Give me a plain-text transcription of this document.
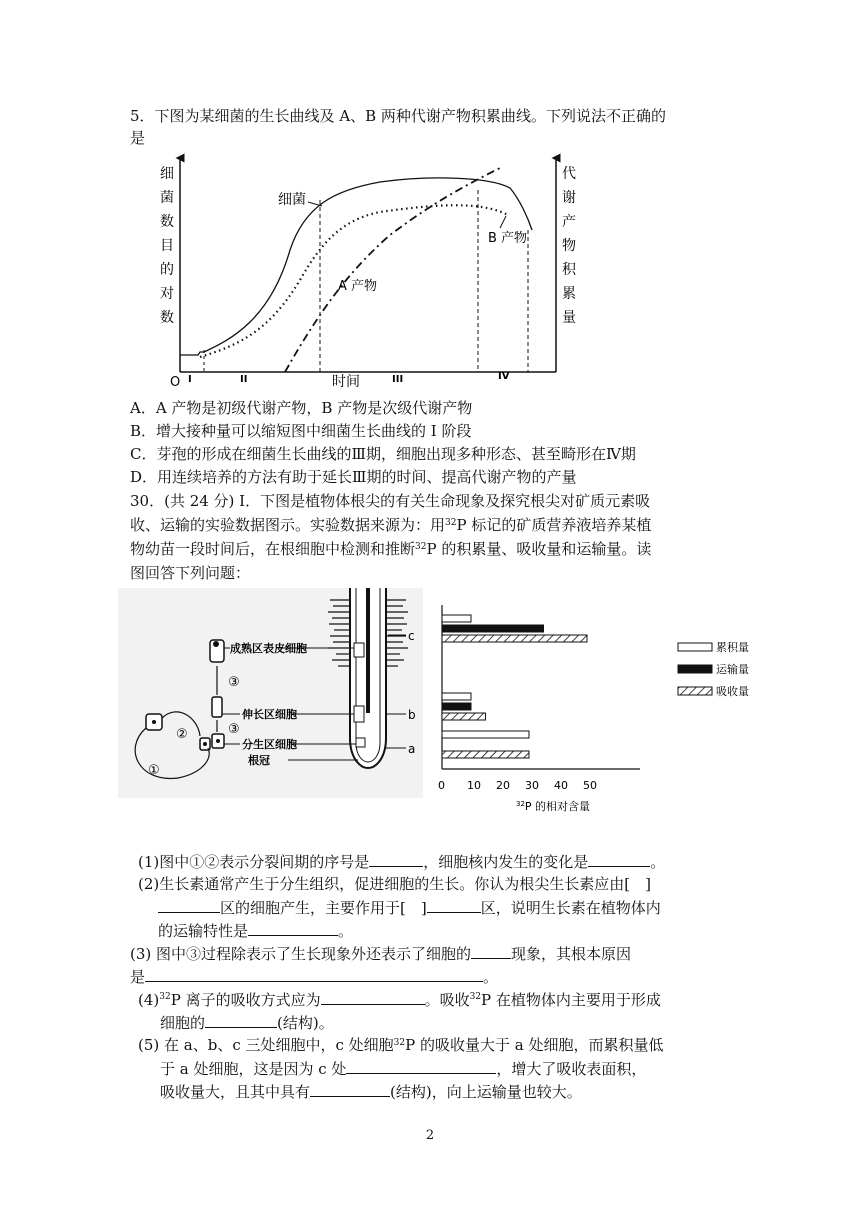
5．下图为某细菌的生长曲线及 A、B 两种代谢产物积累曲线。下列说法不正确的
是
细
菌
数
目
的
对
数
代
谢
产
物
积
累
量
细菌
A 产物
B 产物
O	时间
I	II	III	IV
A．A 产物是初级代谢产物，B 产物是次级代谢产物
B．增大接种量可以缩短图中细菌生长曲线的 I 阶段
C．芽孢的形成在细菌生长曲线的Ⅲ期，细胞出现多种形态、甚至畸形在Ⅳ期
D．用连续培养的方法有助于延长Ⅲ期的时间、提高代谢产物的产量
30．(共 24 分) Ⅰ．下图是植物体根尖的有关生命现象及探究根尖对矿质元素吸
收、运输的实验数据图示。实验数据来源为：用$^{32}$P 标记的矿质营养液培养某植
物幼苗一段时间后，在根细胞中检测和推断$^{32}$P 的积累量、吸收量和运输量。读
图回答下列问题：
c
b
a
③
③
②
①
成熟区表皮细胞
伸长区细胞
分生区细胞
根冠
0 10 20 30 40 50
$^{32}$P 的相对含量
累积量
运输量
吸收量
(1)图中①②表示分裂间期的序号是	，细胞核内发生的变化是	。
(2)生长素通常产生于分生组织，促进细胞的生长。你认为根尖生长素应由[　]
区的细胞产生，主要作用于[　]	区，说明生长素在植物体内
的运输特性是	。
(3) 图中③过程除表示了生长现象外还表示了细胞的	现象，其根本原因
是	。
$(4)^{32}P$ 离子的吸收方式应为	。吸收$^{32}$P 在植物体内主要用于形成
细胞的	(结构)。
(5) 在 a、b、c 三处细胞中，c 处细胞$^{32}$P 的吸收量大于 a 处细胞，而累积量低
于 a 处细胞，这是因为 c 处	，增大了吸收表面积，
吸收量大，且其中具有	(结构)，向上运输量也较大。
2
